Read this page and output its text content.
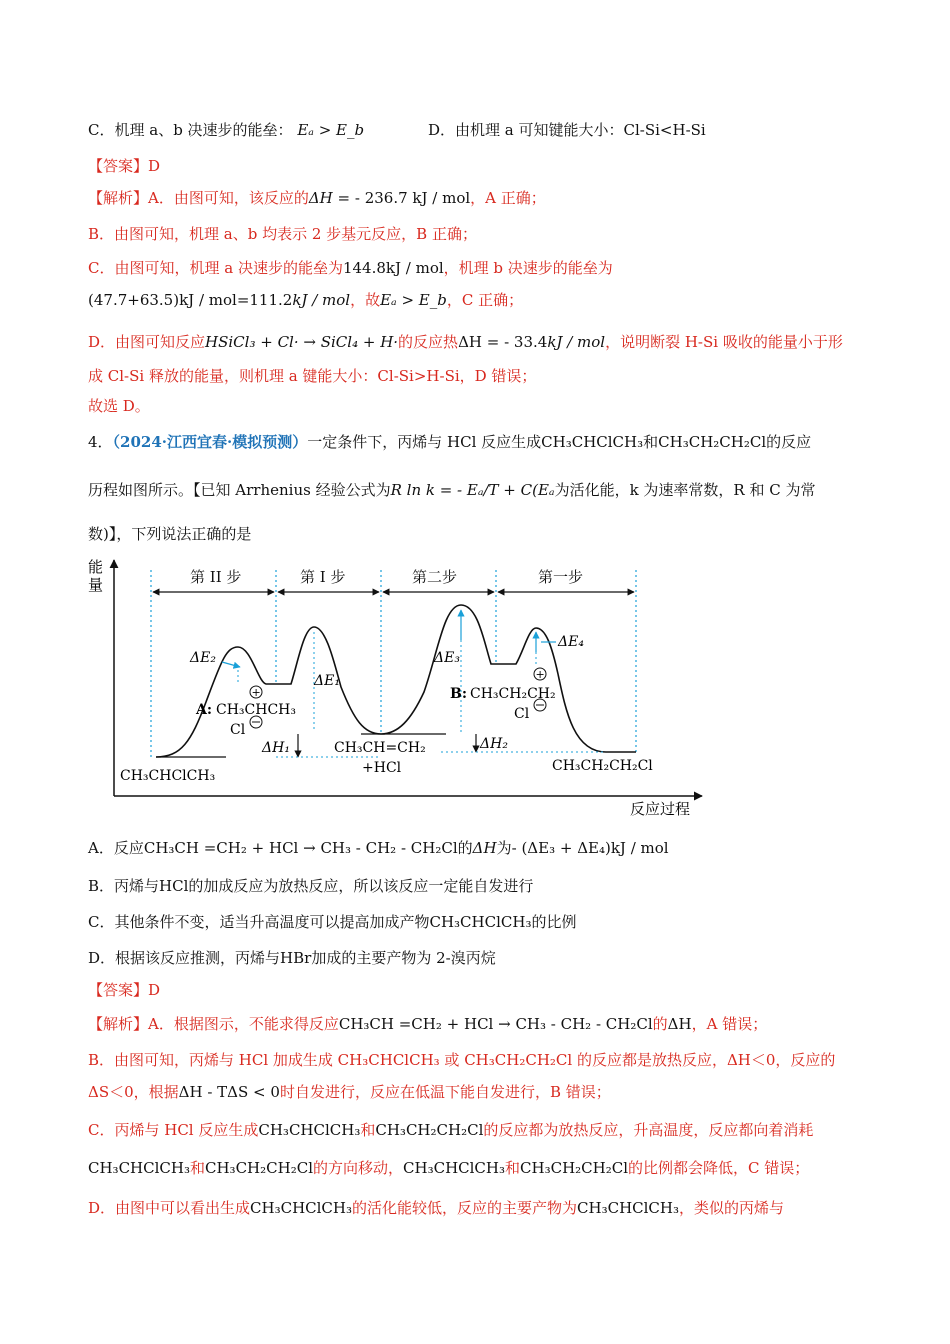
C．机理 a、b 决速步的能垒： Eₐ > E_b	D．由机理 a 可知键能大小：Cl-Si<H-Si
【答案】D
【解析】A．由图可知，该反应的ΔH = - 236.7 kJ / mol，A 正确；
B．由图可知，机理 a、b 均表示 2 步基元反应，B 正确；
C．由图可知，机理 a 决速步的能垒为144.8kJ / mol，机理 b 决速步的能垒为
(47.7+63.5)kJ / mol=111.2kJ / mol，故Eₐ > E_b，C 正确；
D．由图可知反应HSiCl₃ + Cl· → SiCl₄ + H·的反应热ΔH = - 33.4kJ / mol，说明断裂 H-Si 吸收的能量小于形
成 Cl-Si 释放的能量，则机理 a 键能大小：Cl-Si>H-Si，D 错误；
故选 D。
4．（2024·江西宜春·模拟预测）一定条件下，丙烯与 HCl 反应生成CH₃CHClCH₃和CH₃CH₂CH₂Cl的反应
历程如图所示。【已知 Arrhenius 经验公式为R ln k = - Eₐ/T + C(Eₐ为活化能，k 为速率常数，R 和 C 为常
数)】，下列说法正确的是
能
量
反应过程
第 II 步	第 I 步	第二步	第一步
ΔE₂
ΔE₁
ΔE₃
ΔE₄
ΔH₁	ΔH₂
+
A: CH₃CHCH₃
Cl
+
B: CH₃CH₂CH₂
Cl
CH₃CHClCH₃
CH₃CH=CH₂
+HCl	CH₃CH₂CH₂Cl
A．反应CH₃CH =CH₂ + HCl → CH₃ - CH₂ - CH₂Cl的ΔH为- (ΔE₃ + ΔE₄)kJ / mol
B．丙烯与HCl的加成反应为放热反应，所以该反应一定能自发进行
C．其他条件不变，适当升高温度可以提高加成产物CH₃CHClCH₃的比例
D．根据该反应推测，丙烯与HBr加成的主要产物为 2-溴丙烷
【答案】D
【解析】A．根据图示，不能求得反应CH₃CH =CH₂ + HCl → CH₃ - CH₂ - CH₂Cl的ΔH，A 错误；
B．由图可知，丙烯与 HCl 加成生成 CH₃CHClCH₃ 或 CH₃CH₂CH₂Cl 的反应都是放热反应，ΔH＜0，反应的
ΔS＜0，根据ΔH - TΔS < 0时自发进行，反应在低温下能自发进行，B 错误；
C．丙烯与 HCl 反应生成CH₃CHClCH₃和CH₃CH₂CH₂Cl的反应都为放热反应，升高温度，反应都向着消耗
CH₃CHClCH₃和CH₃CH₂CH₂Cl的方向移动，CH₃CHClCH₃和CH₃CH₂CH₂Cl的比例都会降低，C 错误；
D．由图中可以看出生成CH₃CHClCH₃的活化能较低，反应的主要产物为CH₃CHClCH₃，类似的丙烯与
